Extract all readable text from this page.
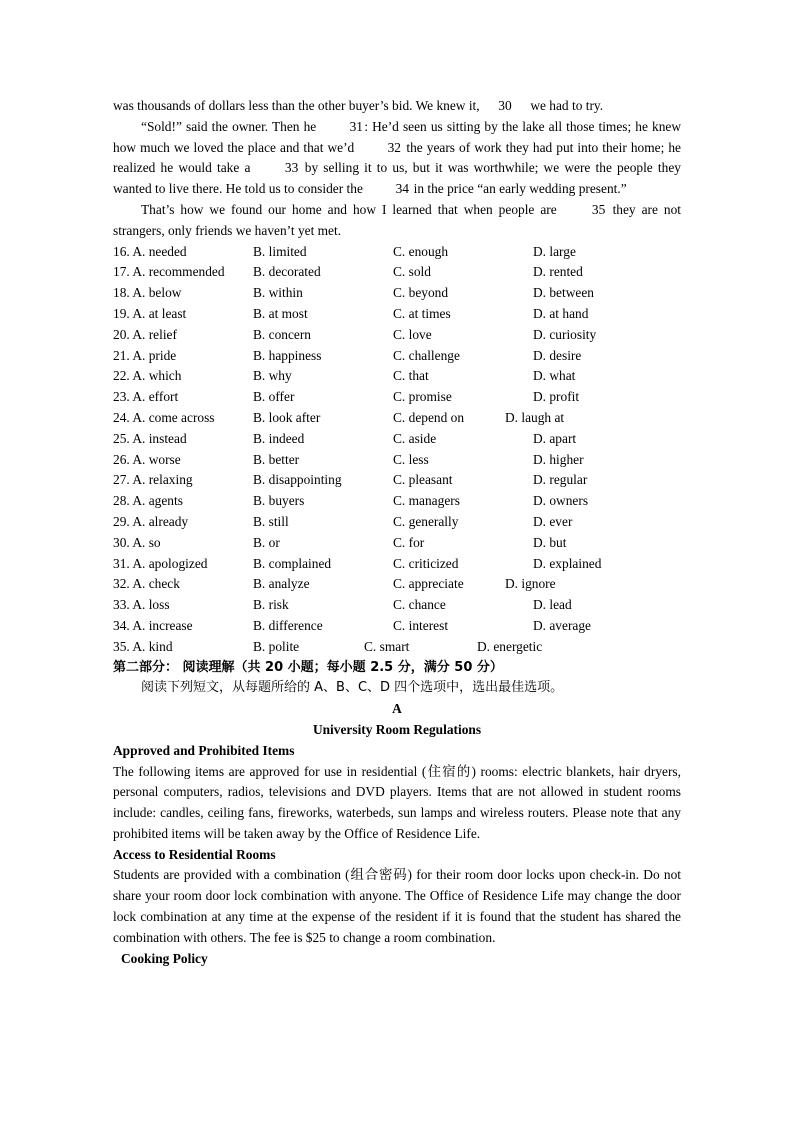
was thousands of dollars less than the other buyer’s bid. We knew it, 30 we had to try.

“Sold!” said the owner. Then he 31: He’d seen us sitting by the lake all those times; he knew how much we loved the place and that we’d 32 the years of work they had put into their home; he realized he would take a	33 by selling it to us, but it was worthwhile; we were the people they wanted to live there. He told us to consider the 34 in the price “an early wedding present.”

That’s how we found our home and how I learned that when people are	35 they are not strangers, only friends we haven’t yet met.

16. A. needed	B. limited	C. enough	D. large
17. A. recommended B. decorated	C. sold	D. rented
18. A. below	B. within	C. beyond	D. between
19. A. at least	B. at most	C. at times	D. at hand
20. A. relief	B. concern	C. love	D. curiosity
21. A. pride	B. happiness	C. challenge	D. desire
22. A. which	B. why	C. that	D. what
23. A. effort	B. offer	C. promise	D. profit
24. A. come across	B. look after	C. depend on	D. laugh at
25. A. instead	B. indeed	C. aside	D. apart
26. A. worse	B. better	C. less	D. higher
27. A. relaxing	B. disappointing	C. pleasant	D. regular
28. A. agents	B. buyers	C. managers	D. owners
29. A. already	B. still	C. generally	D. ever
30. A. so	B. or	C. for	D. but
31. A. apologized	B. complained	C. criticized	D. explained
32. A. check	B. analyze	C. appreciate	D. ignore
33. A. loss	B. risk	C. chance	D. lead
34. A. increase	B. difference	C. interest	D. average
35. A. kind	B. polite	C. smart	D. energetic

第二部分： 阅读理解（共 20 小题；每小题 2.5 分，满分 50 分）

阅读下列短文，从每题所给的 A、B、C、D 四个选项中，选出最佳选项。

A

University Room Regulations

Approved and Prohibited Items

The following items are approved for use in residential (住宿的) rooms: electric blankets, hair dryers, personal computers, radios, televisions and DVD players. Items that are not allowed in student rooms include: candles, ceiling fans, fireworks, waterbeds, sun lamps and wireless routers. Please note that any prohibited items will be taken away by the Office of Residence Life.

Access to Residential Rooms

Students are provided with a combination (组合密码) for their room door locks upon check-in. Do not share your room door lock combination with anyone. The Office of Residence Life may change the door lock combination at any time at the expense of the resident if it is found that the student has shared the combination with others. The fee is $25 to change a room combination.

Cooking Policy
